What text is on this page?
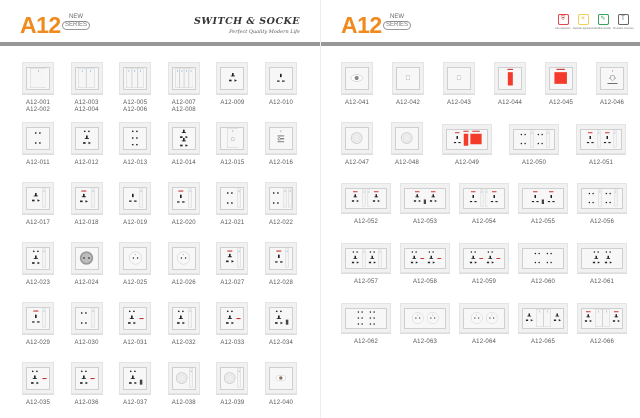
A12	NEW
SERIES	SWITCH & SOCKE
Perfect Quality Modern Life
A12-001
A12-002
A12-003
A12-004
A12-005
A12-006
A12-007
A12-008
A12-009	A12-010
A12-011	A12-012	A12-013	A12-014	A12-015	A12-016
A12-017	A12-018	A12-019	A12-020	A12-021	A12-022
A12-023	A12-024	A12-025	A12-026	A12-027	A12-028
A12-029	A12-030	A12-031	A12-032	A12-033	A12-034
A12-035	A12-036	A12-037	A12-038	A12-039	A12-040
A12	NEW
SERIES
⛨
Fire detection
✦
Delicate appearance
✎
Craftsmanship
T
Precision structure
A12-041	A12-042	A12-043	A12-044	A12-045	A12-046
A12-047	A12-048	A12-049	A12-050	A12-051
A12-052	A12-053	A12-054	A12-055	A12-056
A12-057	A12-058	A12-059	A12-060	A12-061
A12-062	A12-063	A12-064	A12-065	A12-066
